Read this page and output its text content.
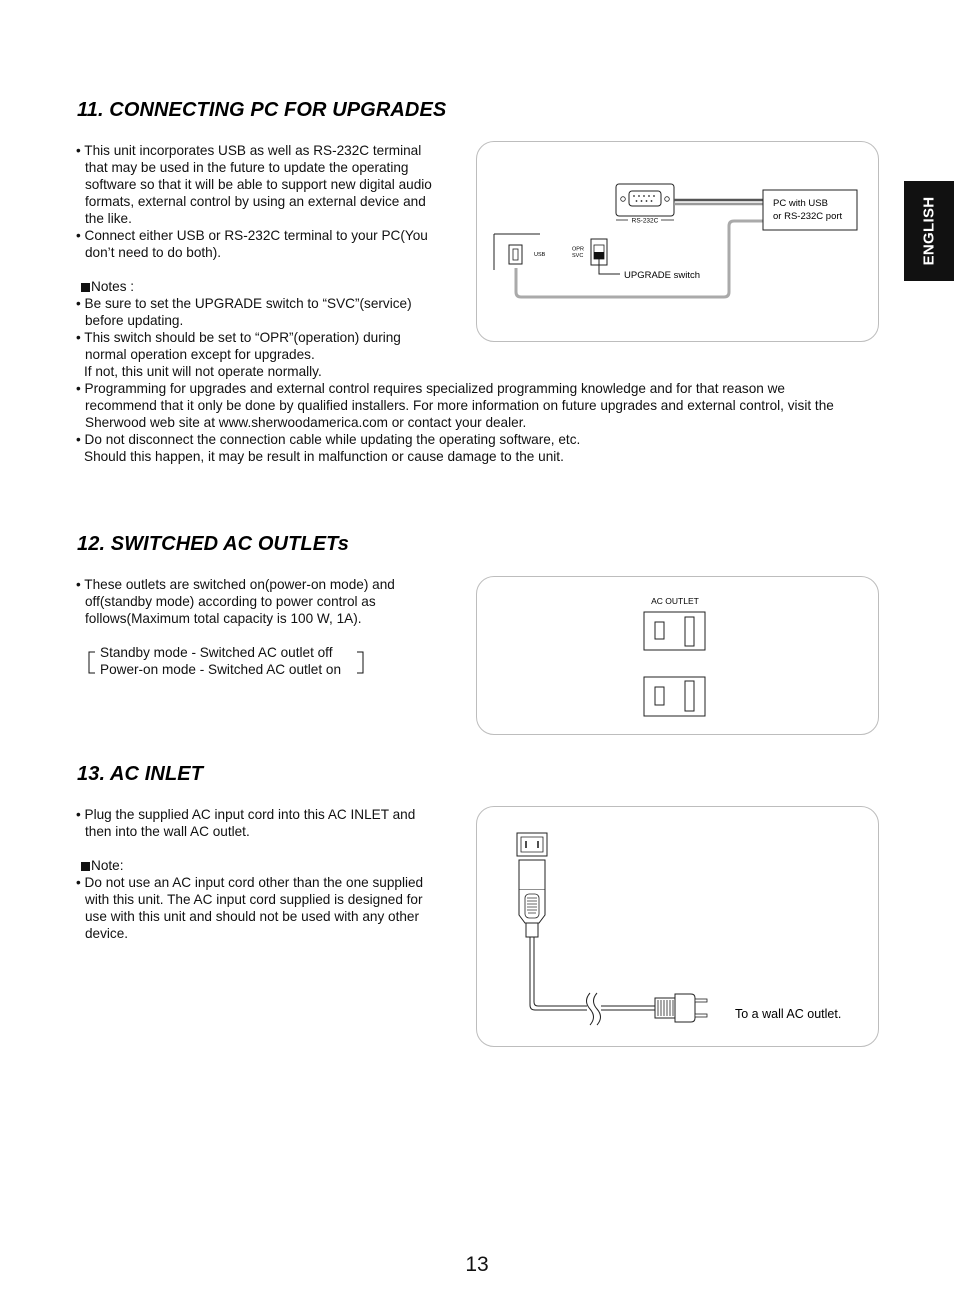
ENGLISH
11. CONNECTING PC FOR UPGRADES
• This unit incorporates USB as well as RS-232C terminal
that may be used in the future to update the operating
software so that it will be able to support new digital audio
formats, external control by using an external device and
the like.
• Connect either USB or RS-232C terminal to your PC(You
don’t need to do both).
Notes :
• Be sure to set the UPGRADE switch to “SVC”(service)
before updating.
• This switch should be set to “OPR”(operation) during
normal operation except for upgrades.
If not, this unit will not operate normally.
• Programming for upgrades and external control requires specialized programming knowledge and for that reason we
recommend that it only be done by qualified installers. For more information on future upgrades and external control, visit the
Sherwood web site at www.sherwoodamerica.com or contact your dealer.
• Do not disconnect the connection cable while updating the operating software, etc.
Should this happen, it may be result in malfunction or cause damage to the unit.
RS-232C
PC with USB
or RS-232C port
USB
OPR
SVC
UPGRADE switch
12. SWITCHED AC OUTLETs
• These outlets are switched on(power-on mode) and
off(standby mode) according to power control as
follows(Maximum total capacity is 100 W, 1A).
Standby mode - Switched AC outlet off
Power-on mode - Switched AC outlet on
AC OUTLET
13. AC INLET
• Plug the supplied AC input cord into this AC INLET and
then into the wall AC outlet.
Note:
• Do not use an AC input cord other than the one supplied
with this unit. The AC input cord supplied is designed for
use with this unit and should not be used with any other
device.
To a wall AC outlet.
13
